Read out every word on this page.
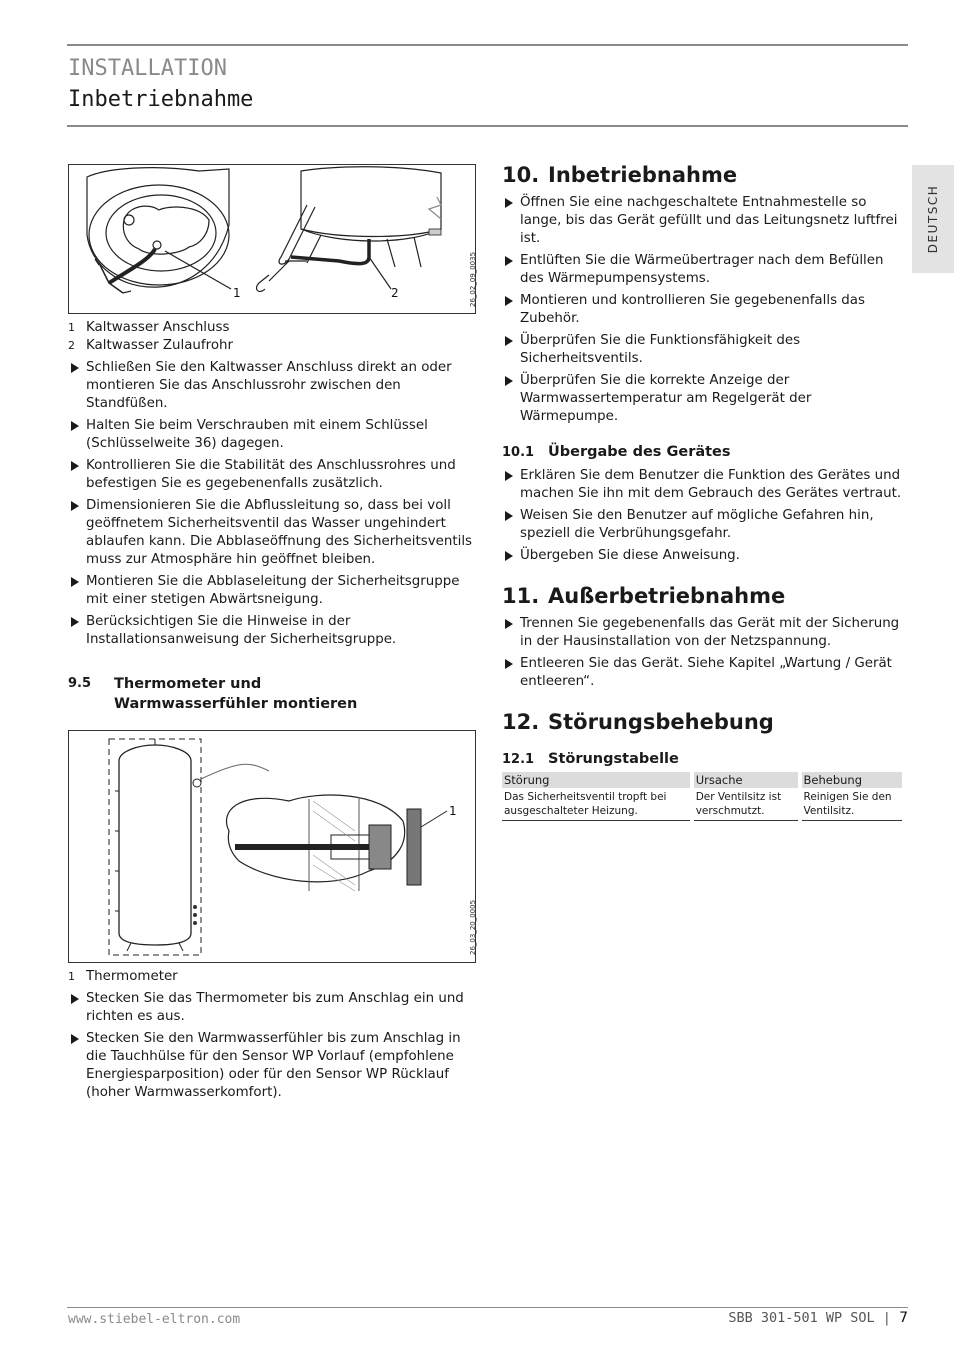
INSTALLATION
Inbetriebnahme
DEUTSCH
1	2	26_02_09_0035
1 Kaltwasser Anschluss
2 Kaltwasser Zulaufrohr
Schließen Sie den Kaltwasser Anschluss direkt an oder montieren Sie das Anschlussrohr zwischen den Standfüßen.
Halten Sie beim Verschrauben mit einem Schlüssel (Schlüsselweite 36) dagegen.
Kontrollieren Sie die Stabilität des Anschlussrohres und befestigen Sie es gegebenenfalls zusätzlich.
Dimensionieren Sie die Abflussleitung so, dass bei voll geöffnetem Sicherheitsventil das Wasser ungehindert ablaufen kann. Die Abblaseöffnung des Sicherheitsventils muss zur Atmosphäre hin geöffnet bleiben.
Montieren Sie die Abblaseleitung der Sicherheitsgruppe mit einer stetigen Abwärtsneigung.
Berücksichtigen Sie die Hinweise in der Installationsanweisung der Sicherheitsgruppe.
9.5	Thermometer und Warmwasserfühler montieren
1
26_03_20_0005
1 Thermometer
Stecken Sie das Thermometer bis zum Anschlag ein und richten es aus.
Stecken Sie den Warmwasserfühler bis zum Anschlag in die Tauchhülse für den Sensor WP Vorlauf (empfohlene Energiesparposition) oder für den Sensor WP Rücklauf (hoher Warmwasserkomfort).
10. Inbetriebnahme
Öffnen Sie eine nachgeschaltete Entnahmestelle so lange, bis das Gerät gefüllt und das Leitungsnetz luftfrei ist.
Entlüften Sie die Wärmeübertrager nach dem Befüllen des Wärmepumpensystems.
Montieren und kontrollieren Sie gegebenenfalls das Zubehör.
Überprüfen Sie die Funktionsfähigkeit des Sicherheitsventils.
Überprüfen Sie die korrekte Anzeige der Warmwassertemperatur am Regelgerät der Wärmepumpe.
10.1 Übergabe des Gerätes
Erklären Sie dem Benutzer die Funktion des Gerätes und machen Sie ihn mit dem Gebrauch des Gerätes vertraut.
Weisen Sie den Benutzer auf mögliche Gefahren hin, speziell die Verbrühungsgefahr.
Übergeben Sie diese Anweisung.
11. Außerbetriebnahme
Trennen Sie gegebenenfalls das Gerät mit der Sicherung in der Hausinstallation von der Netzspannung.
Entleeren Sie das Gerät. Siehe Kapitel „Wartung / Gerät entleeren“.
12. Störungsbehebung
12.1 Störungstabelle
Störung	Ursache	Behebung
Das Sicherheitsventil tropft bei ausgeschalteter Heizung.	Der Ventilsitz ist verschmutzt.	Reinigen Sie den Ventilsitz.
www.stiebel-eltron.com	SBB 301-501 WP SOL | 7
